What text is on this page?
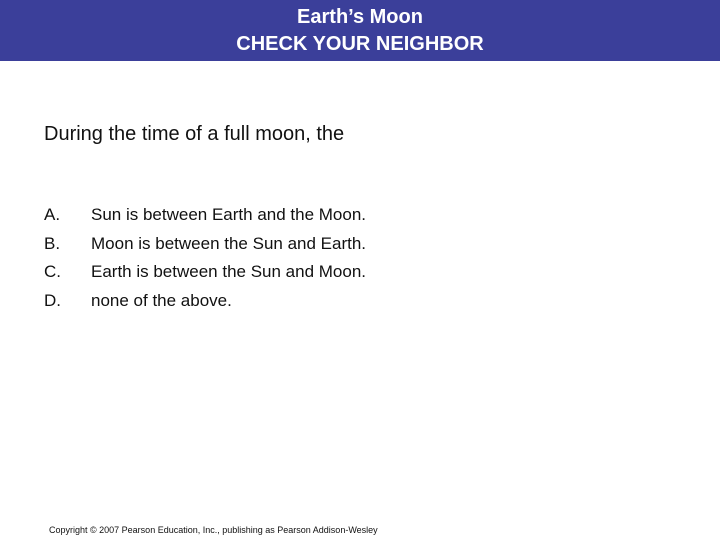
Earth’s Moon
CHECK YOUR NEIGHBOR
During the time of a full moon, the
A.	Sun is between Earth and the Moon.
B.	Moon is between the Sun and Earth.
C.	Earth is between the Sun and Moon.
D.	none of the above.
Copyright © 2007 Pearson Education, Inc., publishing as Pearson Addison-Wesley
